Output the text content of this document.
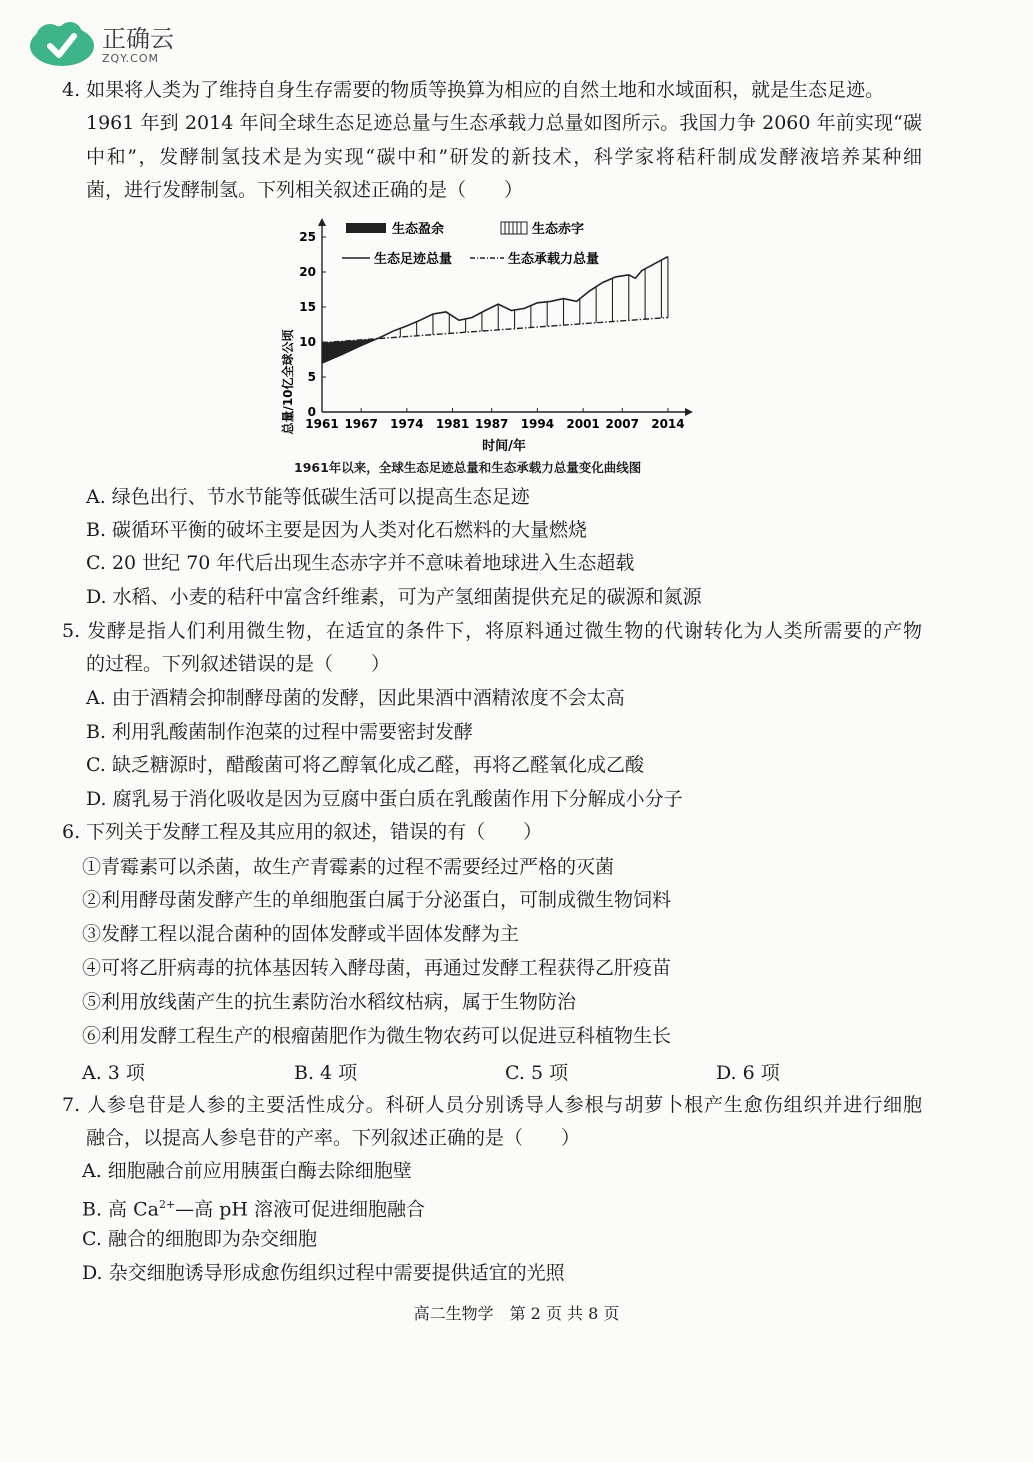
正确云
ZQY.COM
4. 如果将人类为了维持自身生存需要的物质等换算为相应的自然土地和水域面积，就是生态足迹。
1961 年到 2014 年间全球生态足迹总量与生态承载力总量如图所示。我国力争 2060 年前实现“碳
中和”，发酵制氢技术是为实现“碳中和”研发的新技术，科学家将秸秆制成发酵液培养某种细
菌，进行发酵制氢。下列相关叙述正确的是（　　）
生态盈余	生态赤字
生态足迹总量	生态承载力总量
总量/10亿全球公顷 0
5
10
15
20
25
1961 1967 1974 1981 1987 1994 2001 2007 2014
时间/年
1961年以来，全球生态足迹总量和生态承载力总量变化曲线图
A. 绿色出行、节水节能等低碳生活可以提高生态足迹
B. 碳循环平衡的破坏主要是因为人类对化石燃料的大量燃烧
C. 20 世纪 70 年代后出现生态赤字并不意味着地球进入生态超载
D. 水稻、小麦的秸秆中富含纤维素，可为产氢细菌提供充足的碳源和氮源
5. 发酵是指人们利用微生物，在适宜的条件下，将原料通过微生物的代谢转化为人类所需要的产物
的过程。下列叙述错误的是（　　）
A. 由于酒精会抑制酵母菌的发酵，因此果酒中酒精浓度不会太高
B. 利用乳酸菌制作泡菜的过程中需要密封发酵
C. 缺乏糖源时，醋酸菌可将乙醇氧化成乙醛，再将乙醛氧化成乙酸
D. 腐乳易于消化吸收是因为豆腐中蛋白质在乳酸菌作用下分解成小分子
6. 下列关于发酵工程及其应用的叙述，错误的有（　　）
①青霉素可以杀菌，故生产青霉素的过程不需要经过严格的灭菌
②利用酵母菌发酵产生的单细胞蛋白属于分泌蛋白，可制成微生物饲料
③发酵工程以混合菌种的固体发酵或半固体发酵为主
④可将乙肝病毒的抗体基因转入酵母菌，再通过发酵工程获得乙肝疫苗
⑤利用放线菌产生的抗生素防治水稻纹枯病，属于生物防治
⑥利用发酵工程生产的根瘤菌肥作为微生物农药可以促进豆科植物生长
A. 3 项	B. 4 项	C. 5 项	D. 6 项
7. 人参皂苷是人参的主要活性成分。科研人员分别诱导人参根与胡萝卜根产生愈伤组织并进行细胞
融合，以提高人参皂苷的产率。下列叙述正确的是（　　）
A. 细胞融合前应用胰蛋白酶去除细胞壁
B. 高 $Ca^{2+}—$高 pH 溶液可促进细胞融合
C. 融合的细胞即为杂交细胞
D. 杂交细胞诱导形成愈伤组织过程中需要提供适宜的光照
高二生物学　第 2 页 共 8 页
